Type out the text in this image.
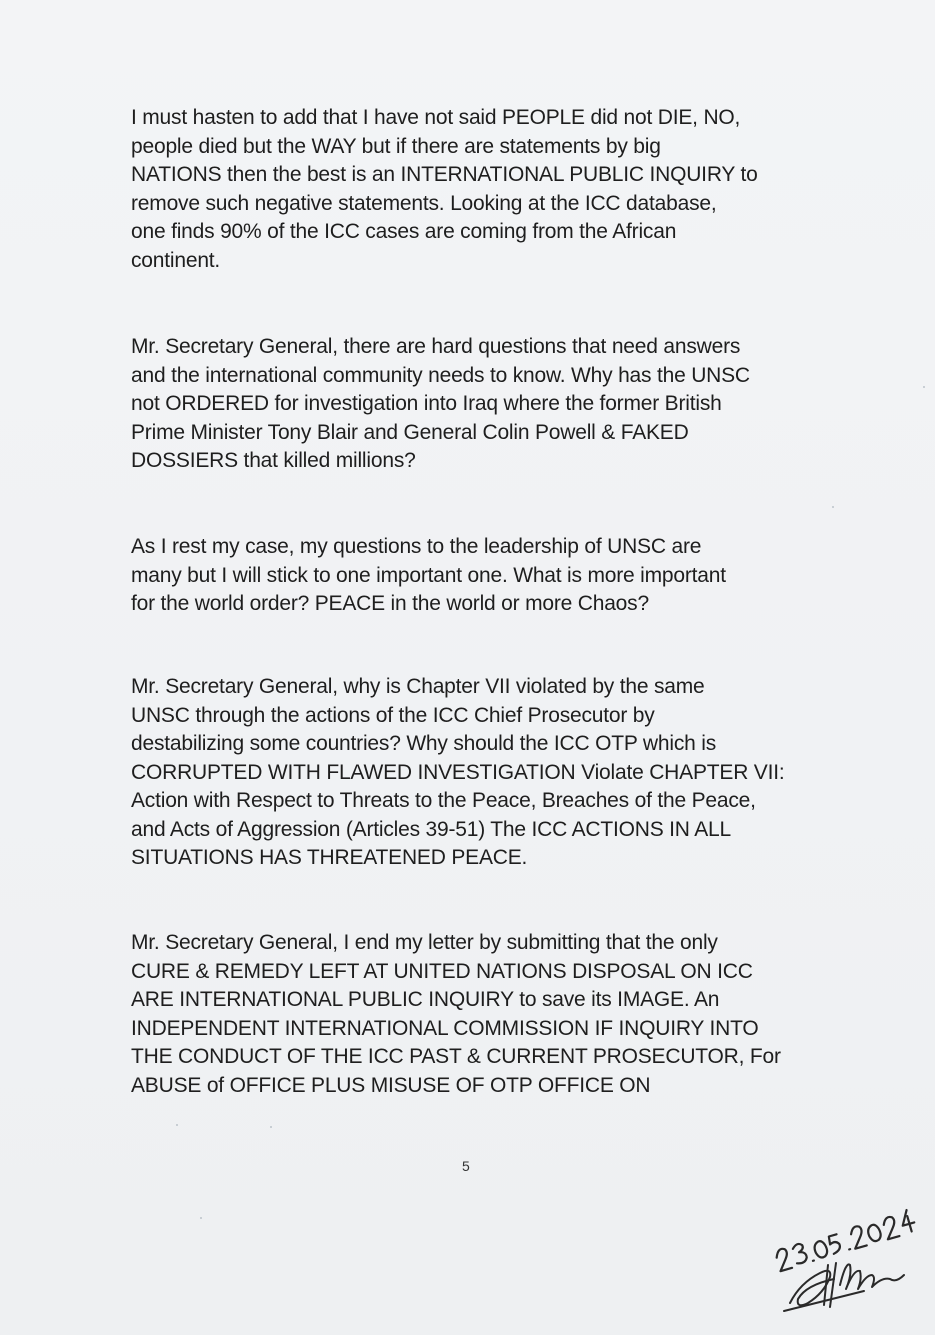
I must hasten to add that I have not said PEOPLE did not DIE, NO,
people died but the WAY but if there are statements by big
NATIONS then the best is an INTERNATIONAL PUBLIC INQUIRY to
remove such negative statements. Looking at the ICC database,
one finds 90% of the ICC cases are coming from the African
continent.

Mr. Secretary General, there are hard questions that need answers
and the international community needs to know. Why has the UNSC
not ORDERED for investigation into Iraq where the former British
Prime Minister Tony Blair and General Colin Powell & FAKED
DOSSIERS that killed millions?

As I rest my case, my questions to the leadership of UNSC are
many but I will stick to one important one. What is more important
for the world order? PEACE in the world or more Chaos?

Mr. Secretary General, why is Chapter VII violated by the same
UNSC through the actions of the ICC Chief Prosecutor by
destabilizing some countries? Why should the ICC OTP which is
CORRUPTED WITH FLAWED INVESTIGATION Violate CHAPTER VII:
Action with Respect to Threats to the Peace, Breaches of the Peace,
and Acts of Aggression (Articles 39-51) The ICC ACTIONS IN ALL
SITUATIONS HAS THREATENED PEACE.

Mr. Secretary General, I end my letter by submitting that the only
CURE & REMEDY LEFT AT UNITED NATIONS DISPOSAL ON ICC
ARE INTERNATIONAL PUBLIC INQUIRY to save its IMAGE. An
INDEPENDENT INTERNATIONAL COMMISSION IF INQUIRY INTO
THE CONDUCT OF THE ICC PAST & CURRENT PROSECUTOR, For
ABUSE of OFFICE PLUS MISUSE OF OTP OFFICE ON

5
